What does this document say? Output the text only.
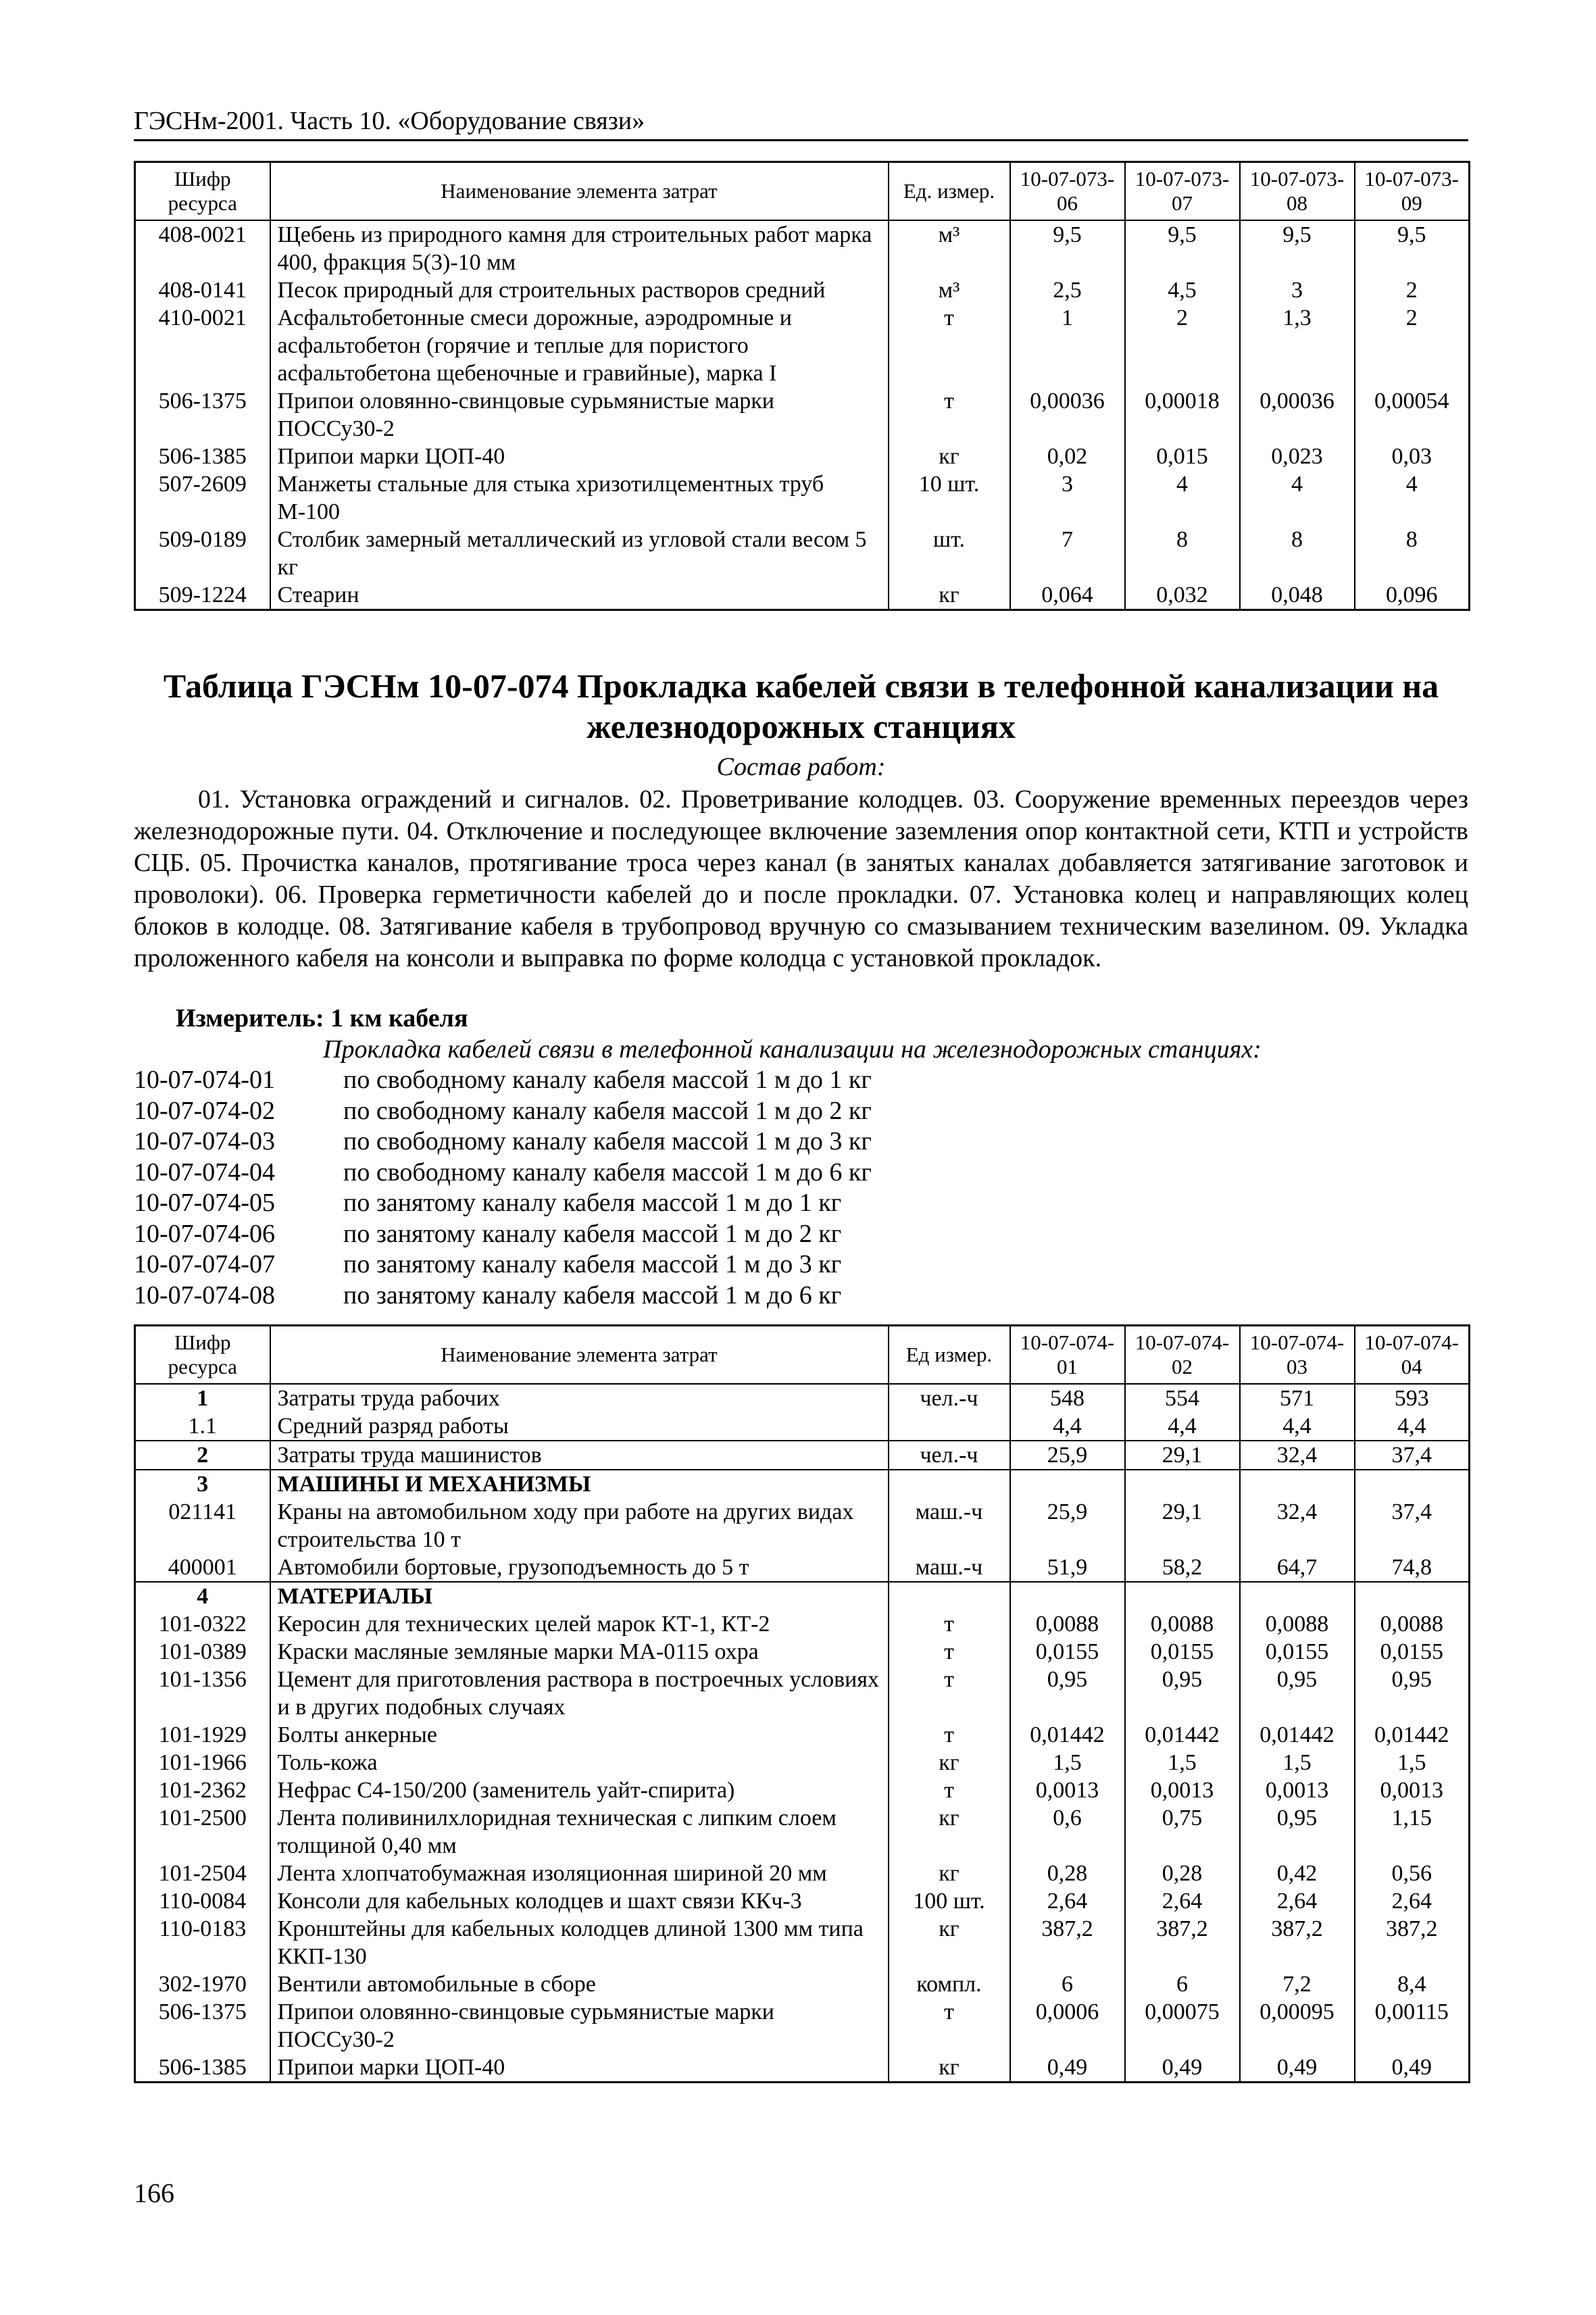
ГЭСНм-2001. Часть 10. «Оборудование связи»
Шифр ресурса	Наименование элемента затрат	Ед. измер.	10-07-073-06	10-07-073-07	10-07-073-08	10-07-073-09
408-0021	Щебень из природного камня для строительных работ марка 400, фракция 5(3)-10 мм	м³	9,5	9,5	9,5	9,5
408-0141	Песок природный для строительных растворов средний	м³	2,5	4,5	3	2
410-0021	Асфальтобетонные смеси дорожные, аэродромные и асфальтобетон (горячие и теплые для пористого асфальтобетона щебеночные и гравийные), марка I	т	1	2	1,3	2
506-1375	Припои оловянно-свинцовые сурьмянистые марки ПОССу30-2	т	0,00036	0,00018	0,00036	0,00054
506-1385	Припои марки ЦОП-40	кг	0,02	0,015	0,023	0,03
507-2609	Манжеты стальные для стыка хризотилцементных труб М-100	10 шт.	3	4	4	4
509-0189	Столбик замерный металлический из угловой стали весом 5 кг	шт.	7	8	8	8
509-1224	Стеарин	кг	0,064	0,032	0,048	0,096
Таблица ГЭСНм 10-07-074 Прокладка кабелей связи в телефонной канализации на железнодорожных станциях
Состав работ:
01. Установка ограждений и сигналов. 02. Проветривание колодцев. 03. Сооружение временных переездов через железнодорожные пути. 04. Отключение и последующее включение заземления опор контактной сети, КТП и устройств СЦБ. 05. Прочистка каналов, протягивание троса через канал (в занятых каналах добавляется затягивание заготовок и проволоки). 06. Проверка герметичности кабелей до и после прокладки. 07. Установка колец и направляющих колец блоков в колодце. 08. Затягивание кабеля в трубопровод вручную со смазыванием техническим вазелином. 09. Укладка проложенного кабеля на консоли и выправка по форме колодца с установкой прокладок.
Измеритель: 1 км кабеля
Прокладка кабелей связи в телефонной канализации на железнодорожных станциях:
10-07-074-01	по свободному каналу кабеля массой 1 м до 1 кг
10-07-074-02	по свободному каналу кабеля массой 1 м до 2 кг
10-07-074-03	по свободному каналу кабеля массой 1 м до 3 кг
10-07-074-04	по свободному каналу кабеля массой 1 м до 6 кг
10-07-074-05	по занятому каналу кабеля массой 1 м до 1 кг
10-07-074-06	по занятому каналу кабеля массой 1 м до 2 кг
10-07-074-07	по занятому каналу кабеля массой 1 м до 3 кг
10-07-074-08	по занятому каналу кабеля массой 1 м до 6 кг
Шифр ресурса	Наименование элемента затрат	Ед измер.	10-07-074-01	10-07-074-02	10-07-074-03	10-07-074-04
1	Затраты труда рабочих	чел.-ч	548	554	571	593
1.1	Средний разряд работы		4,4	4,4	4,4	4,4
2	Затраты труда машинистов	чел.-ч	25,9	29,1	32,4	37,4
3	МАШИНЫ И МЕХАНИЗМЫ					
021141	Краны на автомобильном ходу при работе на других видах строительства 10 т	маш.-ч	25,9	29,1	32,4	37,4
400001	Автомобили бортовые, грузоподъемность до 5 т	маш.-ч	51,9	58,2	64,7	74,8
4	МАТЕРИАЛЫ					
101-0322	Керосин для технических целей марок КТ-1, КТ-2	т	0,0088	0,0088	0,0088	0,0088
101-0389	Краски масляные земляные марки МА-0115 охра	т	0,0155	0,0155	0,0155	0,0155
101-1356	Цемент для приготовления раствора в построечных условиях и в других подобных случаях	т	0,95	0,95	0,95	0,95
101-1929	Болты анкерные	т	0,01442	0,01442	0,01442	0,01442
101-1966	Толь-кожа	кг	1,5	1,5	1,5	1,5
101-2362	Нефрас С4-150/200 (заменитель уайт-спирита)	т	0,0013	0,0013	0,0013	0,0013
101-2500	Лента поливинилхлоридная техническая с липким слоем толщиной 0,40 мм	кг	0,6	0,75	0,95	1,15
101-2504	Лента хлопчатобумажная изоляционная шириной 20 мм	кг	0,28	0,28	0,42	0,56
110-0084	Консоли для кабельных колодцев и шахт связи ККч-3	100 шт.	2,64	2,64	2,64	2,64
110-0183	Кронштейны для кабельных колодцев длиной 1300 мм типа ККП-130	кг	387,2	387,2	387,2	387,2
302-1970	Вентили автомобильные в сборе	компл.	6	6	7,2	8,4
506-1375	Припои оловянно-свинцовые сурьмянистые марки ПОССу30-2	т	0,0006	0,00075	0,00095	0,00115
506-1385	Припои марки ЦОП-40	кг	0,49	0,49	0,49	0,49
166
